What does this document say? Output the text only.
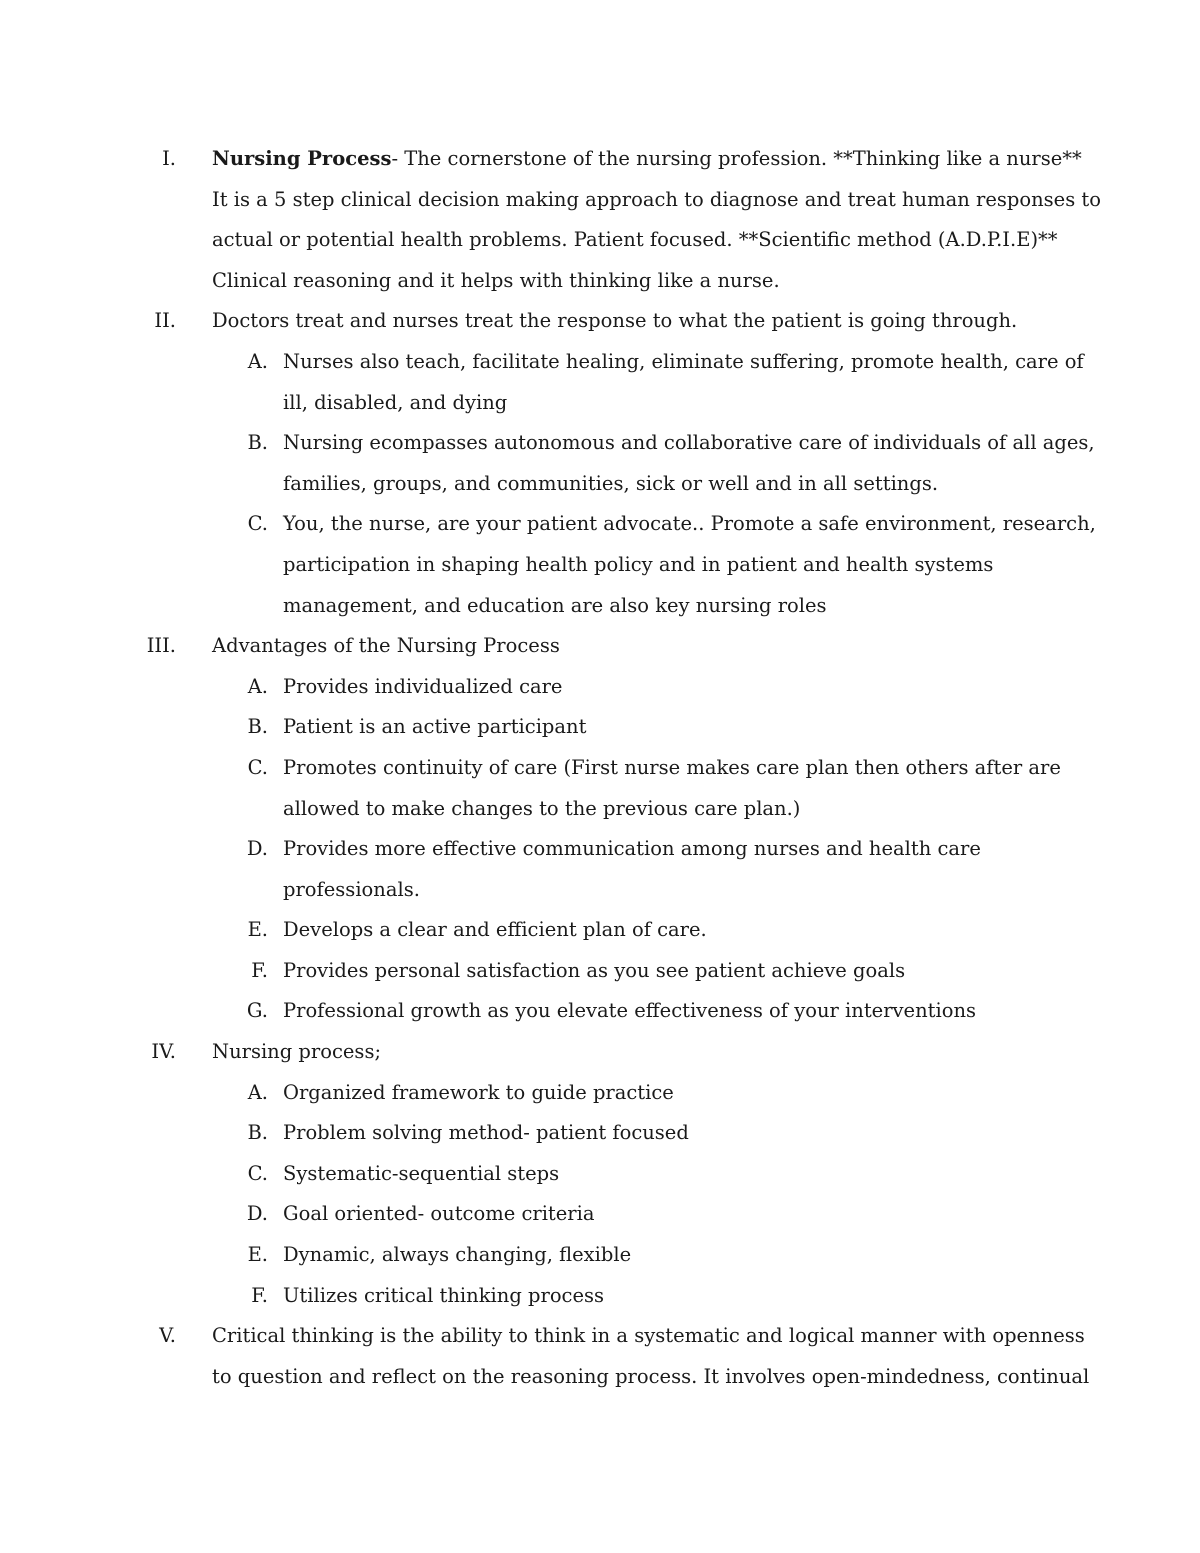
I. Nursing Process- The cornerstone of the nursing profession. **Thinking like a nurse**
It is a 5 step clinical decision making approach to diagnose and treat human responses to
actual or potential health problems. Patient focused. **Scientific method (A.D.P.I.E)**
Clinical reasoning and it helps with thinking like a nurse.
II. Doctors treat and nurses treat the response to what the patient is going through.
A. Nurses also teach, facilitate healing, eliminate suffering, promote health, care of
ill, disabled, and dying
B. Nursing ecompasses autonomous and collaborative care of individuals of all ages,
families, groups, and communities, sick or well and in all settings.
C. You, the nurse, are your patient advocate.. Promote a safe environment, research,
participation in shaping health policy and in patient and health systems
management, and education are also key nursing roles
III. Advantages of the Nursing Process
A. Provides individualized care
B. Patient is an active participant
C. Promotes continuity of care (First nurse makes care plan then others after are
allowed to make changes to the previous care plan.)
D. Provides more effective communication among nurses and health care
professionals.
E. Develops a clear and efficient plan of care.
F. Provides personal satisfaction as you see patient achieve goals
G. Professional growth as you elevate effectiveness of your interventions
IV. Nursing process;
A. Organized framework to guide practice
B. Problem solving method- patient focused
C. Systematic-sequential steps
D. Goal oriented- outcome criteria
E. Dynamic, always changing, flexible
F. Utilizes critical thinking process
V. Critical thinking is the ability to think in a systematic and logical manner with openness
to question and reflect on the reasoning process. It involves open-mindedness, continual
